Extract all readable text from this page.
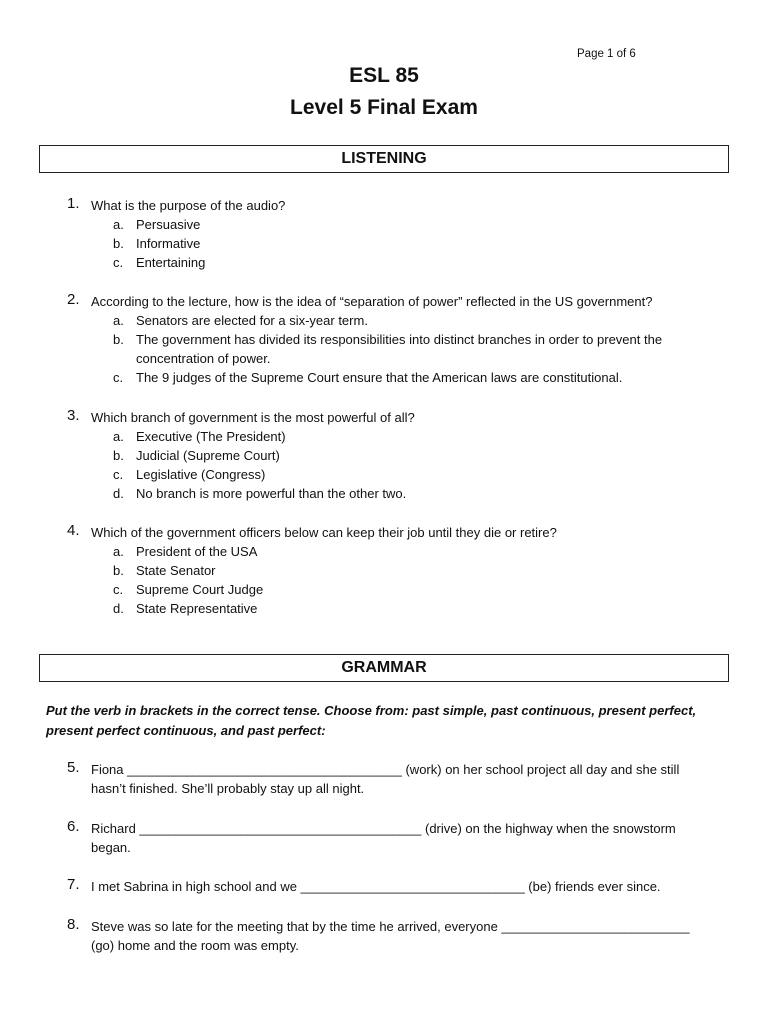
Page 1 of 6
ESL 85
Level 5 Final Exam
LISTENING
1. What is the purpose of the audio?
a. Persuasive
b. Informative
c. Entertaining
2. According to the lecture, how is the idea of “separation of power” reflected in the US government?
a. Senators are elected for a six-year term.
b. The government has divided its responsibilities into distinct branches in order to prevent the concentration of power.
c. The 9 judges of the Supreme Court ensure that the American laws are constitutional.
3. Which branch of government is the most powerful of all?
a. Executive (The President)
b. Judicial (Supreme Court)
c. Legislative (Congress)
d. No branch is more powerful than the other two.
4. Which of the government officers below can keep their job until they die or retire?
a. President of the USA
b. State Senator
c. Supreme Court Judge
d. State Representative
GRAMMAR
Put the verb in brackets in the correct tense. Choose from: past simple, past continuous, present perfect, present perfect continuous, and past perfect:
5. Fiona ______________________________________ (work) on her school project all day and she still hasn’t finished. She’ll probably stay up all night.
6. Richard _______________________________________ (drive) on the highway when the snowstorm began.
7. I met Sabrina in high school and we _______________________________ (be) friends ever since.
8. Steve was so late for the meeting that by the time he arrived, everyone __________________________ (go) home and the room was empty.
